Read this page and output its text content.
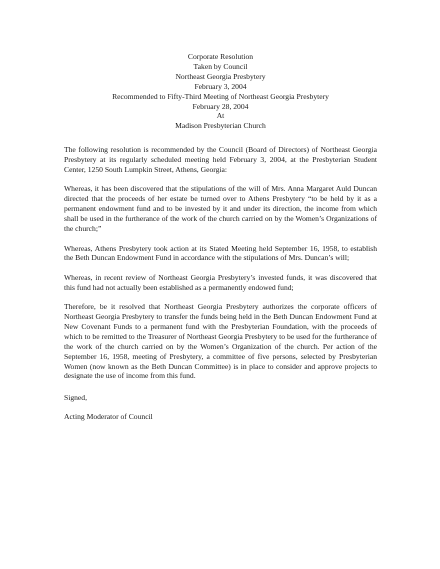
Corporate Resolution
Taken by Council
Northeast Georgia Presbytery
February 3, 2004
Recommended to Fifty-Third Meeting of Northeast Georgia Presbytery
February 28, 2004
At
Madison Presbyterian Church

The following resolution is recommended by the Council (Board of Directors) of Northeast Georgia Presbytery at its regularly scheduled meeting held February 3, 2004, at the Presbyterian Student Center, 1250 South Lumpkin Street, Athens, Georgia:

Whereas, it has been discovered that the stipulations of the will of Mrs. Anna Margaret Auld Duncan directed that the proceeds of her estate be turned over to Athens Presbytery “to be held by it as a permanent endowment fund and to be invested by it and under its direction, the income from which shall be used in the furtherance of the work of the church carried on by the Women’s Organizations of the church;”

Whereas, Athens Presbytery took action at its Stated Meeting held September 16, 1958, to establish the Beth Duncan Endowment Fund in accordance with the stipulations of Mrs. Duncan’s will;

Whereas, in recent review of Northeast Georgia Presbytery’s invested funds, it was discovered that this fund had not actually been established as a permanently endowed fund;

Therefore, be it resolved that Northeast Georgia Presbytery authorizes the corporate officers of Northeast Georgia Presbytery to transfer the funds being held in the Beth Duncan Endowment Fund at New Covenant Funds to a permanent fund with the Presbyterian Foundation, with the proceeds of which to be remitted to the Treasurer of Northeast Georgia Presbytery to be used for the furtherance of the work of the church carried on by the Women’s Organization of the church. Per action of the September 16, 1958, meeting of Presbytery, a committee of five persons, selected by Presbyterian Women (now known as the Beth Duncan Committee) is in place to consider and approve projects to designate the use of income from this fund.

Signed,

Acting Moderator of Council
